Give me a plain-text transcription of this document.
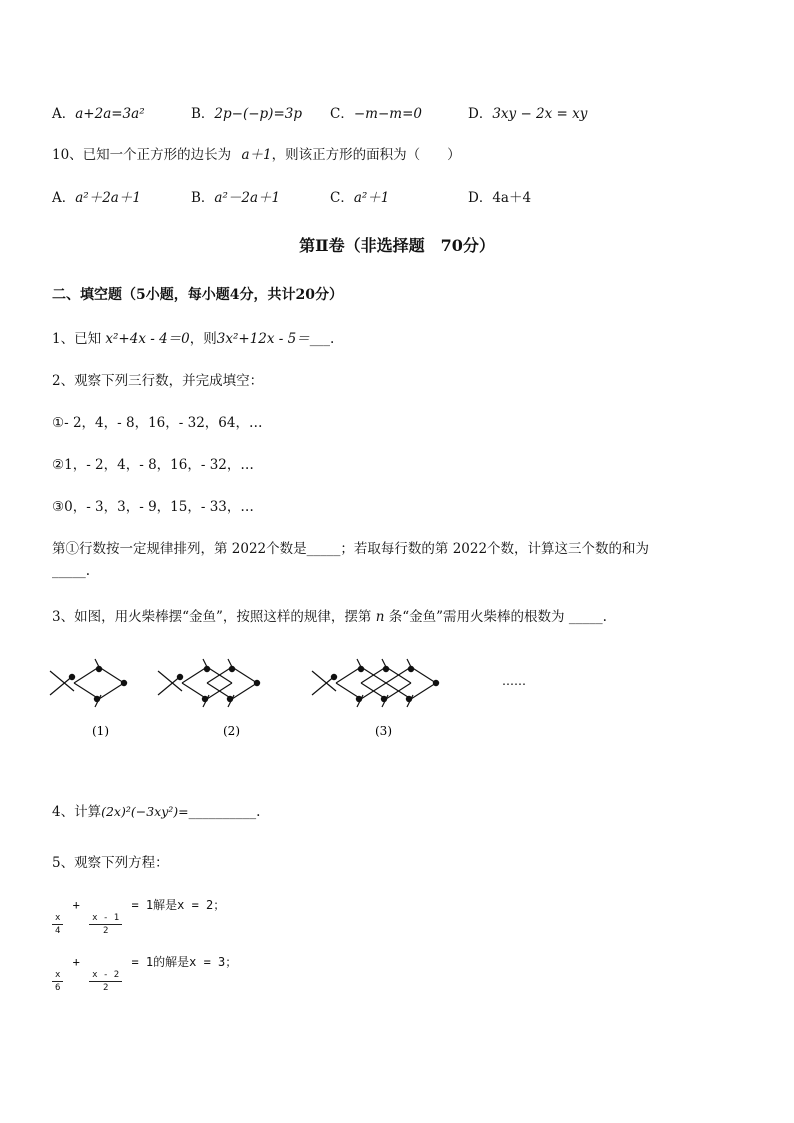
A．a+2a=3a²	B．2p−(−p)=3p C．−m−m=0	D．3xy − 2x = xy
10、已知一个正方形的边长为 a＋1，则该正方形的面积为（　　）
A．a²＋2a＋1	B．a²－2a＋1	C．a²＋1	D．4a＋4
第Ⅱ卷（非选择题　70分）
二、填空题（5小题，每小题4分，共计20分）
1、已知 x²+4x - 4＝0，则3x²+12x - 5＝___.
2、观察下列三行数，并完成填空：
①- 2，4，- 8，16，- 32，64，…
②1，- 2，4，- 8，16，- 32，…
③0，- 3，3，- 9，15，- 33，…
第①行数按一定规律排列，第 2022个数是_____；若取每行数的第 2022个数，计算这三个数的和为
_____.
3、如图，用火柴棒摆“金鱼”，按照这样的规律，摆第 n 条“金鱼”需用火柴棒的根数为 _____.
(1)	(2)	(3)
……
4、计算(2x)²(−3xy²)=__________.
5、观察下列方程：
$\frac{x}{4}$
+
$\frac{x - 1}{2}$
= 1解是x = 2；
$\frac{x}{6}$
+
$\frac{x - 2}{2}$
= 1的解是x = 3；
